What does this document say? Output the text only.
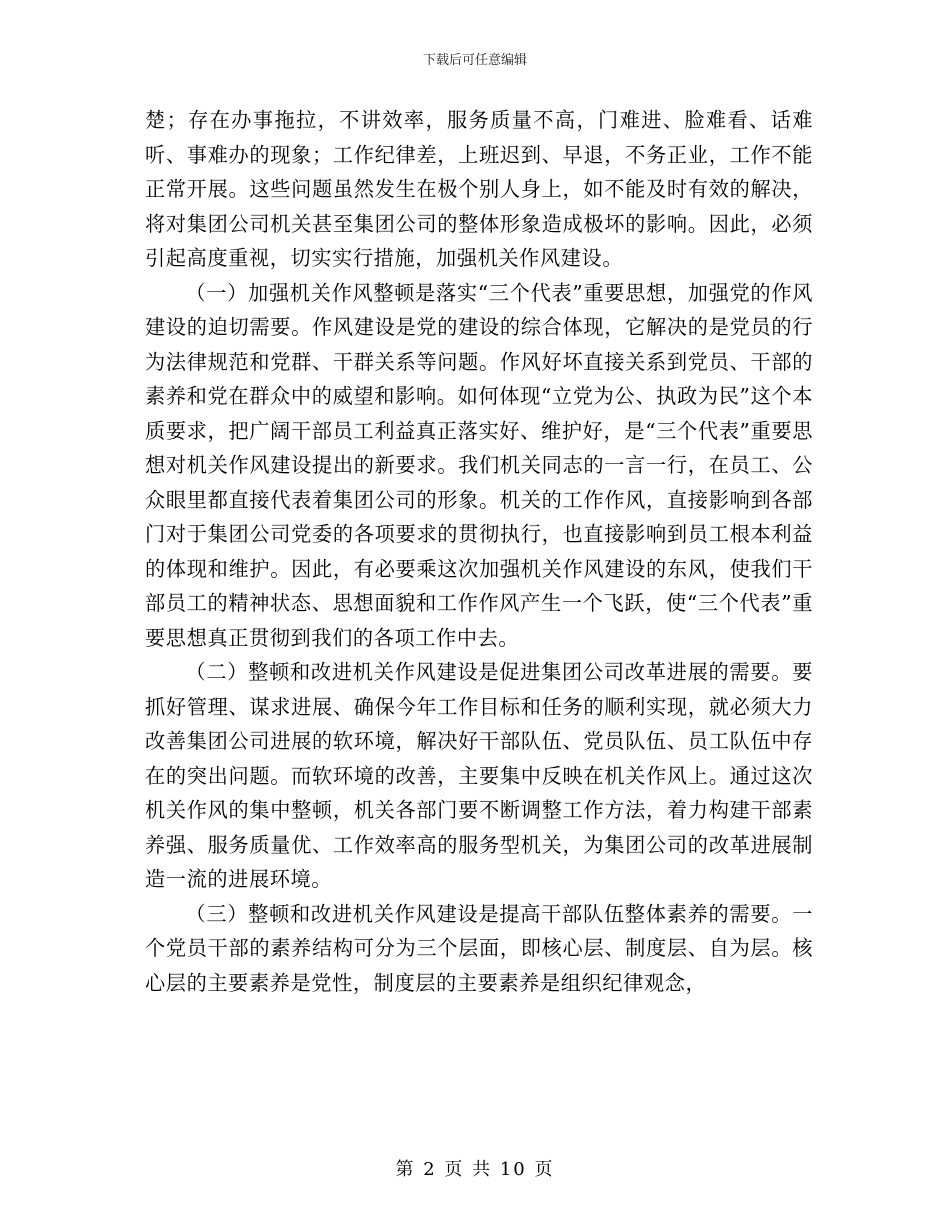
下载后可任意编辑

楚；存在办事拖拉，不讲效率，服务质量不高，门难进、脸难看、话难听、事难办的现象；工作纪律差，上班迟到、早退，不务正业，工作不能正常开展。这些问题虽然发生在极个别人身上，如不能及时有效的解决，将对集团公司机关甚至集团公司的整体形象造成极坏的影响。因此，必须引起高度重视，切实实行措施，加强机关作风建设。

（一）加强机关作风整顿是落实“三个代表”重要思想，加强党的作风建设的迫切需要。作风建设是党的建设的综合体现，它解决的是党员的行为法律规范和党群、干群关系等问题。作风好坏直接关系到党员、干部的素养和党在群众中的威望和影响。如何体现“立党为公、执政为民”这个本质要求，把广阔干部员工利益真正落实好、维护好，是“三个代表”重要思想对机关作风建设提出的新要求。我们机关同志的一言一行，在员工、公众眼里都直接代表着集团公司的形象。机关的工作作风，直接影响到各部门对于集团公司党委的各项要求的贯彻执行，也直接影响到员工根本利益的体现和维护。因此，有必要乘这次加强机关作风建设的东风，使我们干部员工的精神状态、思想面貌和工作作风产生一个飞跃，使“三个代表”重要思想真正贯彻到我们的各项工作中去。

（二）整顿和改进机关作风建设是促进集团公司改革进展的需要。要抓好管理、谋求进展、确保今年工作目标和任务的顺利实现，就必须大力改善集团公司进展的软环境，解决好干部队伍、党员队伍、员工队伍中存在的突出问题。而软环境的改善，主要集中反映在机关作风上。通过这次机关作风的集中整顿，机关各部门要不断调整工作方法，着力构建干部素养强、服务质量优、工作效率高的服务型机关，为集团公司的改革进展制造一流的进展环境。

（三）整顿和改进机关作风建设是提高干部队伍整体素养的需要。一个党员干部的素养结构可分为三个层面，即核心层、制度层、自为层。核心层的主要素养是党性，制度层的主要素养是组织纪律观念，

第 2 页 共 10 页
